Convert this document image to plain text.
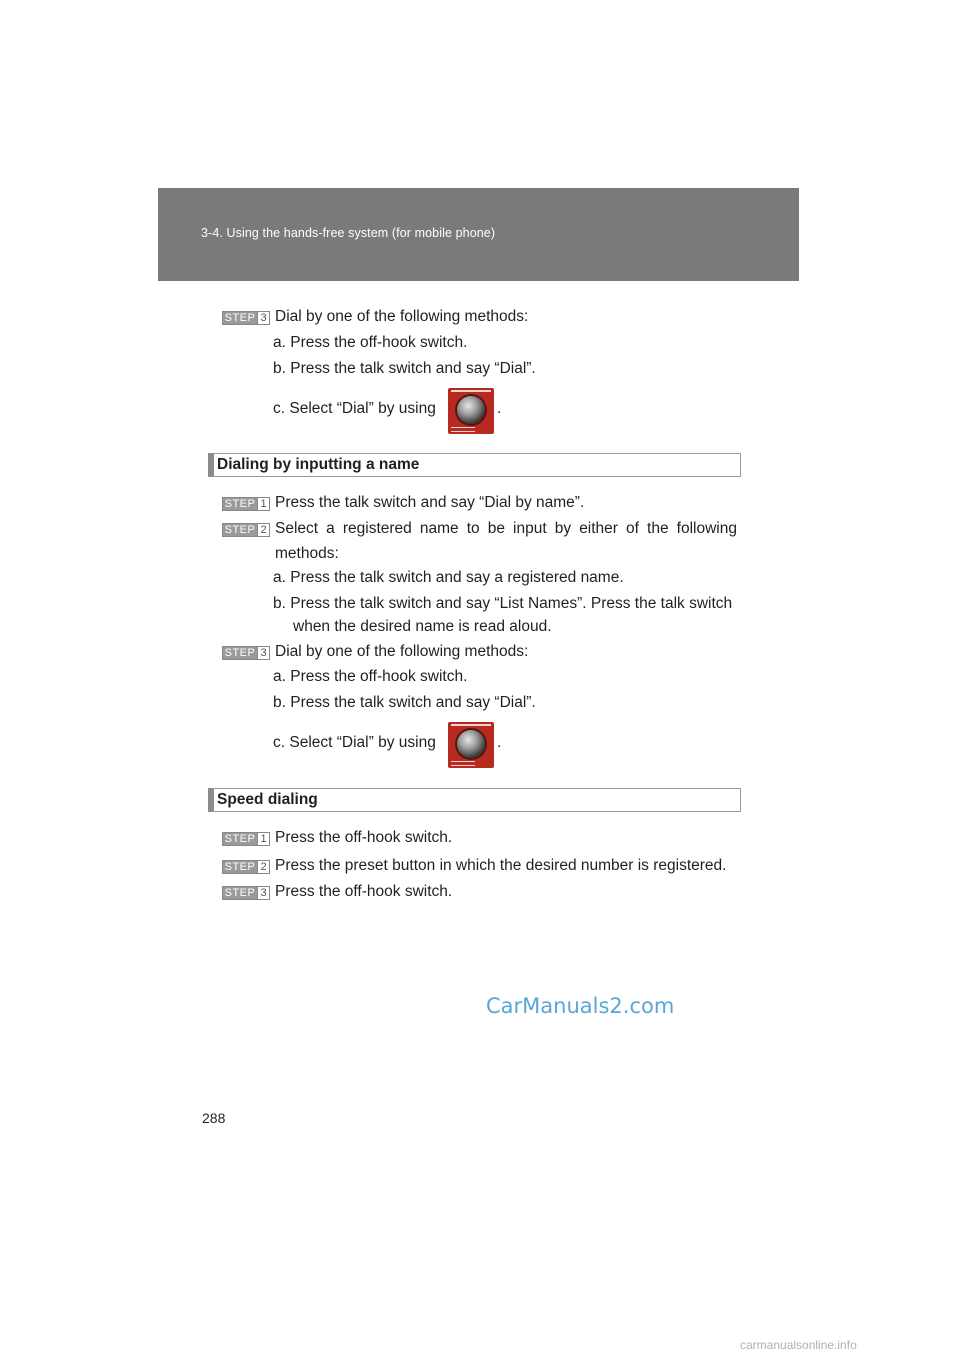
3-4. Using the hands-free system (for mobile phone)
STEP 3 Dial by one of the following methods:
a. Press the off-hook switch.
b. Press the talk switch and say “Dial”.
c. Select “Dial” by using	.
Dialing by inputting a name
STEP 1 Press the talk switch and say “Dial by name”.
STEP 2 Select a registered name to be input by either of the following
methods:
a. Press the talk switch and say a registered name.
b. Press the talk switch and say “List Names”. Press the talk switch
when the desired name is read aloud.
STEP 3 Dial by one of the following methods:
a. Press the off-hook switch.
b. Press the talk switch and say “Dial”.
c. Select “Dial” by using	.
Speed dialing
STEP 1 Press the off-hook switch.
STEP 2 Press the preset button in which the desired number is registered.
STEP 3 Press the off-hook switch.
CarManuals2.com
288
carmanualsonline.info
